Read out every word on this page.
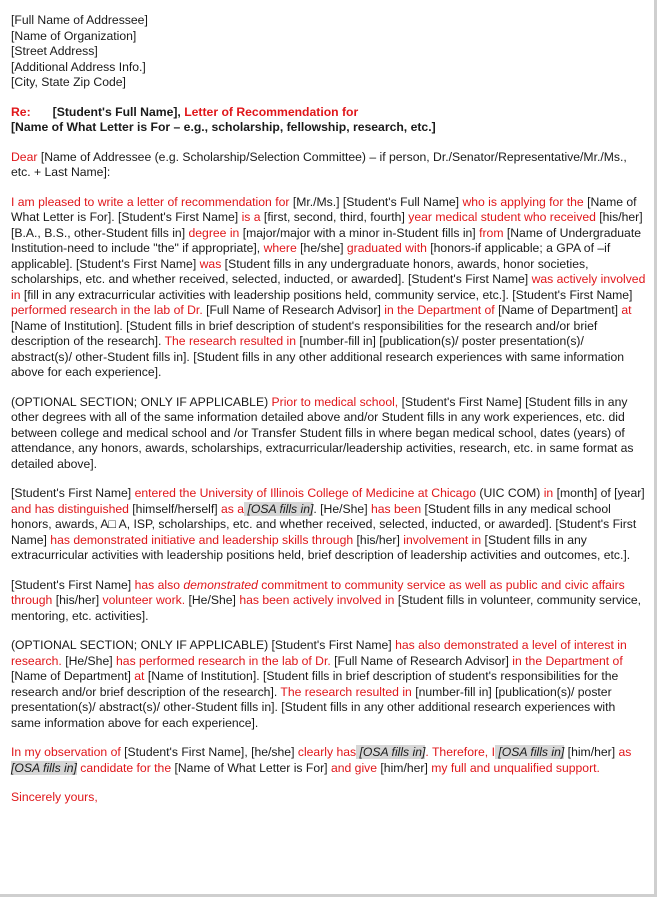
[Full Name of Addressee]
[Name of Organization]
[Street Address]
[Additional Address Info.]
[City, State Zip Code]
Re: [Student's Full Name], Letter of Recommendation for
[Name of What Letter is For – e.g., scholarship, fellowship, research, etc.]

Dear [Name of Addressee (e.g. Scholarship/Selection Committee) – if person, Dr./Senator/Representative/Mr./Ms., etc. + Last Name]:

I am pleased to write a letter of recommendation for [Mr./Ms.] [Student's Full Name] who is applying for the [Name of What Letter is For]. [Student's First Name] is a [first, second, third, fourth] year medical student who received [his/her] [B.A., B.S., other-Student fills in] degree in [major/major with a minor in-Student fills in] from [Name of Undergraduate Institution-need to include "the" if appropriate], where [he/she] graduated with [honors-if applicable; a GPA of –if applicable]. [Student's First Name] was [Student fills in any undergraduate honors, awards, honor societies, scholarships, etc. and whether received, selected, inducted, or awarded]. [Student's First Name] was actively involved in [fill in any extracurricular activities with leadership positions held, community service, etc.]. [Student's First Name] performed research in the lab of Dr. [Full Name of Research Advisor] in the Department of [Name of Department] at [Name of Institution]. [Student fills in brief description of student's responsibilities for the research and/or brief description of the research]. The research resulted in [number-fill in] [publication(s)/ poster presentation(s)/ abstract(s)/ other-Student fills in]. [Student fills in any other additional research experiences with same information above for each experience].

(OPTIONAL SECTION; ONLY IF APPLICABLE) Prior to medical school, [Student's First Name] [Student fills in any other degrees with all of the same information detailed above and/or Student fills in any work experiences, etc. did between college and medical school and /or Transfer Student fills in where began medical school, dates (years) of attendance, any honors, awards, scholarships, extracurricular/leadership activities, research, etc. in same format as detailed above].

[Student's First Name] entered the University of Illinois College of Medicine at Chicago (UIC COM) in [month] of [year] and has distinguished [himself/herself] as a [OSA fills in]. [He/She] has been [Student fills in any medical school honors, awards, A□ A, ISP, scholarships, etc. and whether received, selected, inducted, or awarded]. [Student's First Name] has demonstrated initiative and leadership skills through [his/her] involvement in [Student fills in any extracurricular activities with leadership positions held, brief description of leadership activities and outcomes, etc.].

[Student's First Name] has also demonstrated commitment to community service as well as public and civic affairs through [his/her] volunteer work. [He/She] has been actively involved in [Student fills in volunteer, community service, mentoring, etc. activities].

(OPTIONAL SECTION; ONLY IF APPLICABLE) [Student's First Name] has also demonstrated a level of interest in research. [He/She] has performed research in the lab of Dr. [Full Name of Research Advisor] in the Department of [Name of Department] at [Name of Institution]. [Student fills in brief description of student's responsibilities for the research and/or brief description of the research]. The research resulted in [number-fill in] [publication(s)/ poster presentation(s)/ abstract(s)/ other-Student fills in]. [Student fills in any other additional research experiences with same information above for each experience].

In my observation of [Student's First Name], [he/she] clearly has [OSA fills in]. Therefore, I [OSA fills in] [him/her] as [OSA fills in] candidate for the [Name of What Letter is For] and give [him/her] my full and unqualified support.

Sincerely yours,
